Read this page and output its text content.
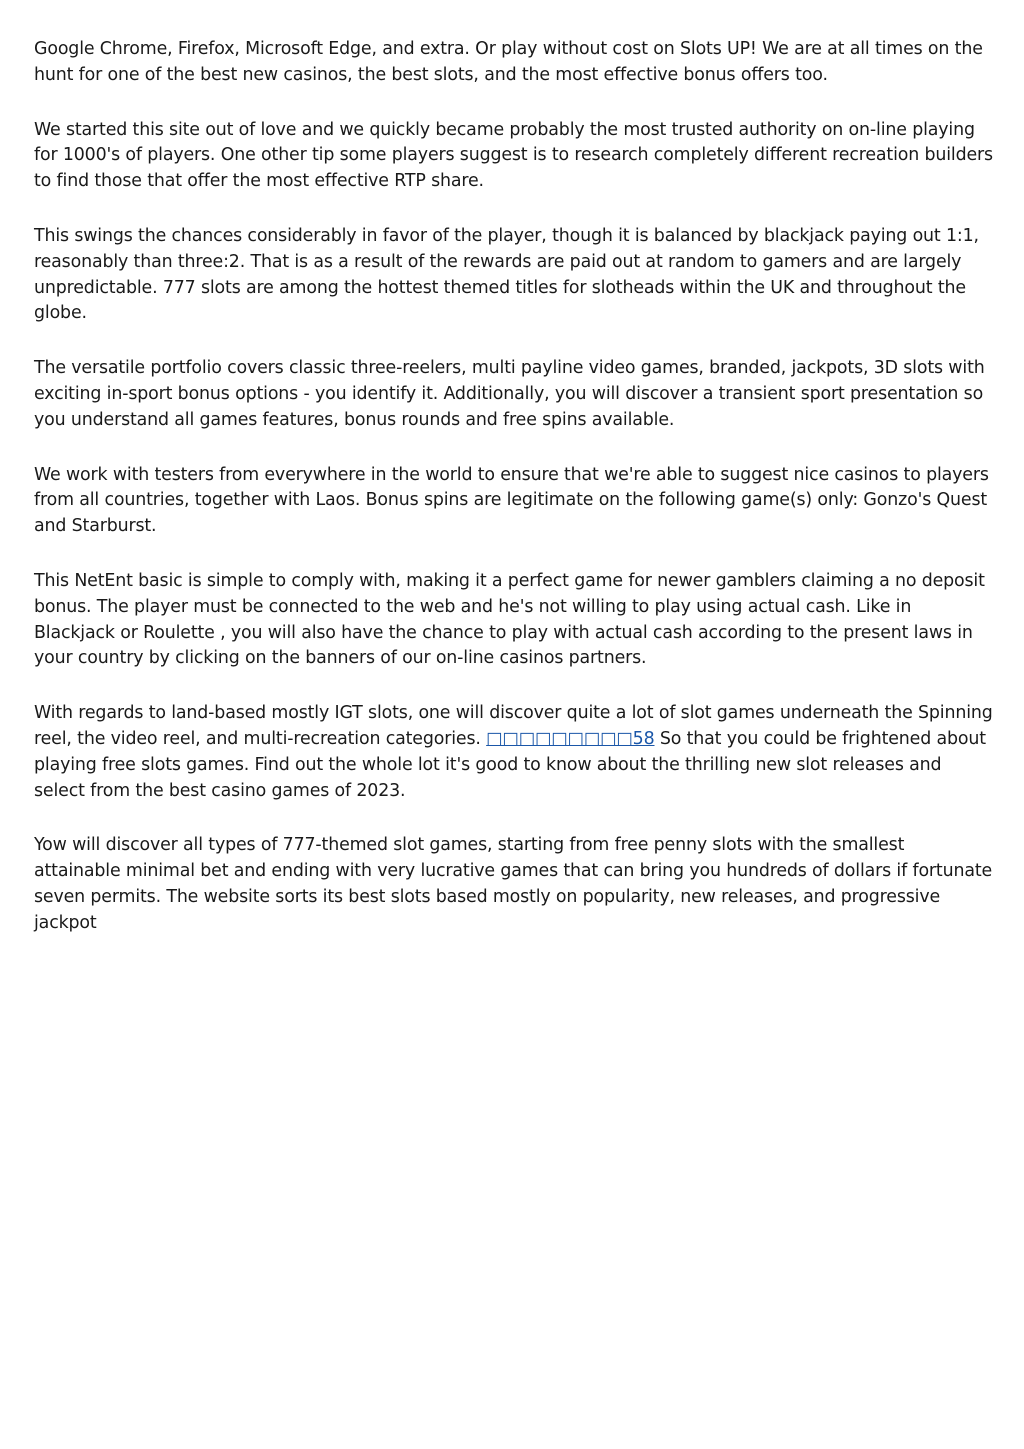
Google Chrome, Firefox, Microsoft Edge, and extra. Or play without cost on Slots UP! We are at all times on the hunt for one of the best new casinos, the best slots, and the most effective bonus offers too.

We started this site out of love and we quickly became probably the most trusted authority on on-line playing for 1000's of players. One other tip some players suggest is to research completely different recreation builders to find those that offer the most effective RTP share.

This swings the chances considerably in favor of the player, though it is balanced by blackjack paying out 1:1, reasonably than three:2. That is as a result of the rewards are paid out at random to gamers and are largely unpredictable. 777 slots are among the hottest themed titles for slotheads within the UK and throughout the globe.

The versatile portfolio covers classic three-reelers, multi payline video games, branded, jackpots, 3D slots with exciting in-sport bonus options - you identify it. Additionally, you will discover a transient sport presentation so you understand all games features, bonus rounds and free spins available.

We work with testers from everywhere in the world to ensure that we're able to suggest nice casinos to players from all countries, together with Laos. Bonus spins are legitimate on the following game(s) only: Gonzo's Quest and Starburst.

This NetEnt basic is simple to comply with, making it a perfect game for newer gamblers claiming a no deposit bonus. The player must be connected to the web and he's not willing to play using actual cash. Like in Blackjack or Roulette , you will also have the chance to play with actual cash according to the present laws in your country by clicking on the banners of our on-line casinos partners.

With regards to land-based mostly IGT slots, one will discover quite a lot of slot games underneath the Spinning reel, the video reel, and multi-recreation categories. □□□□□□□□□58 So that you could be frightened about playing free slots games. Find out the whole lot it's good to know about the thrilling new slot releases and select from the best casino games of 2023.

Yow will discover all types of 777-themed slot games, starting from free penny slots with the smallest attainable minimal bet and ending with very lucrative games that can bring you hundreds of dollars if fortunate seven permits. The website sorts its best slots based mostly on popularity, new releases, and progressive jackpot
